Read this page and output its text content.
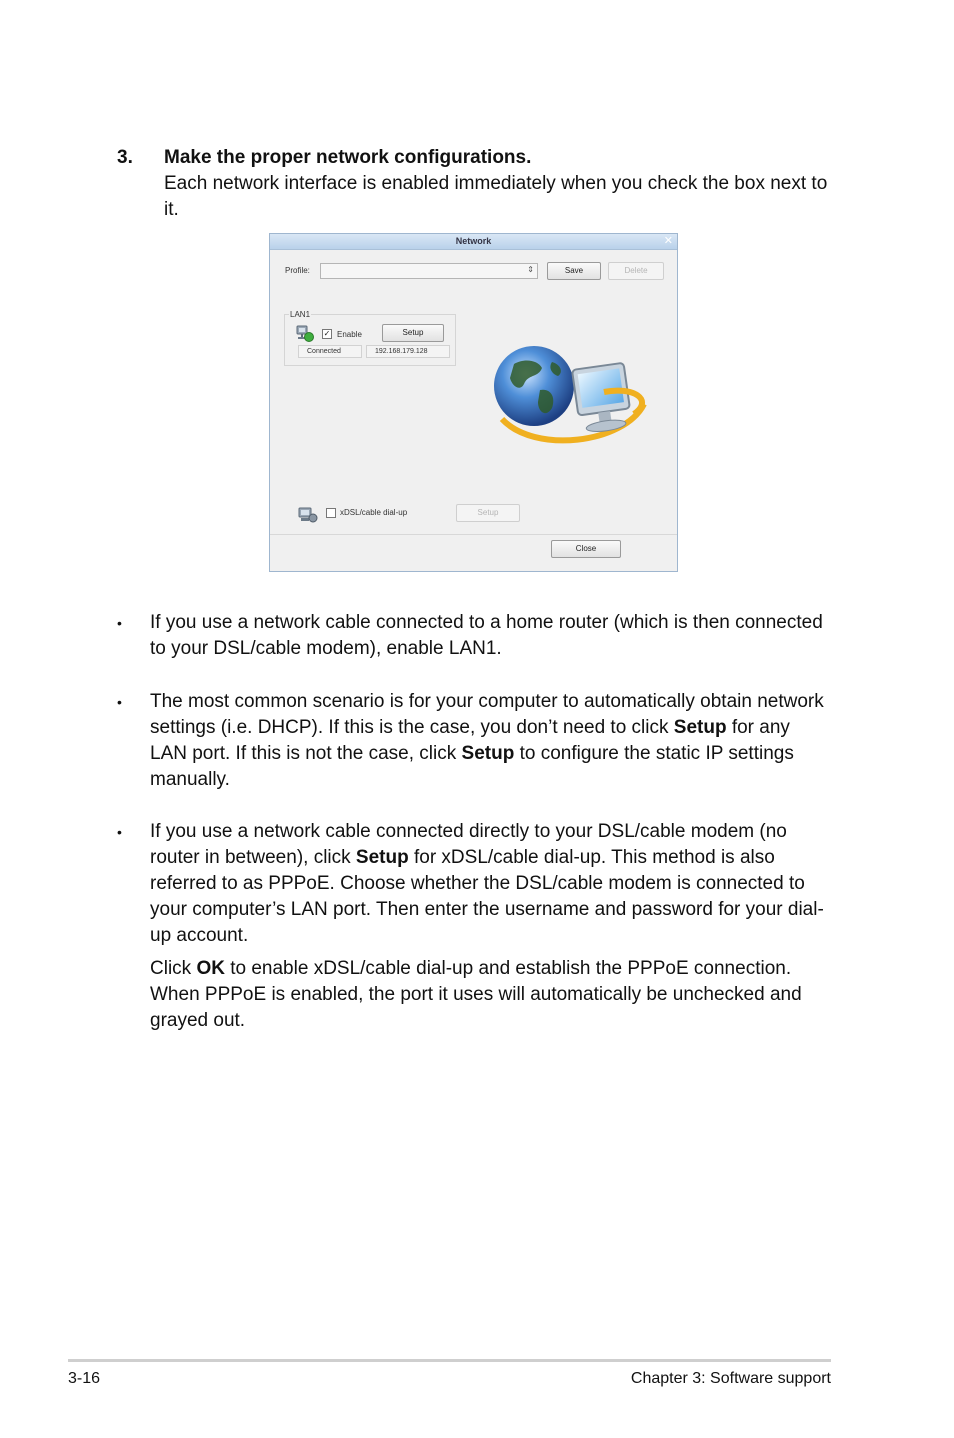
3. Make the proper network configurations.
Each network interface is enabled immediately when you check the box next to it.
Network	✕
Profile:	⇕	Save	Delete
LAN1
✓ Enable	Setup
Connected	192.168.179.128
xDSL/cable dial-up	Setup
Close
• If you use a network cable connected to a home router (which is then connected to your DSL/cable modem), enable LAN1.
• The most common scenario is for your computer to automatically obtain network settings (i.e. DHCP). If this is the case, you don’t need to click Setup for any LAN port. If this is not the case, click Setup to configure the static IP settings manually.
• If you use a network cable connected directly to your DSL/cable modem (no router in between), click Setup for xDSL/cable dial-up. This method is also referred to as PPPoE. Choose whether the DSL/cable modem is connected to your computer’s LAN port. Then enter the username and password for your dial-up account.
Click OK to enable xDSL/cable dial-up and establish the PPPoE connection. When PPPoE is enabled, the port it uses will automatically be unchecked and grayed out.
3-16	Chapter 3: Software support
